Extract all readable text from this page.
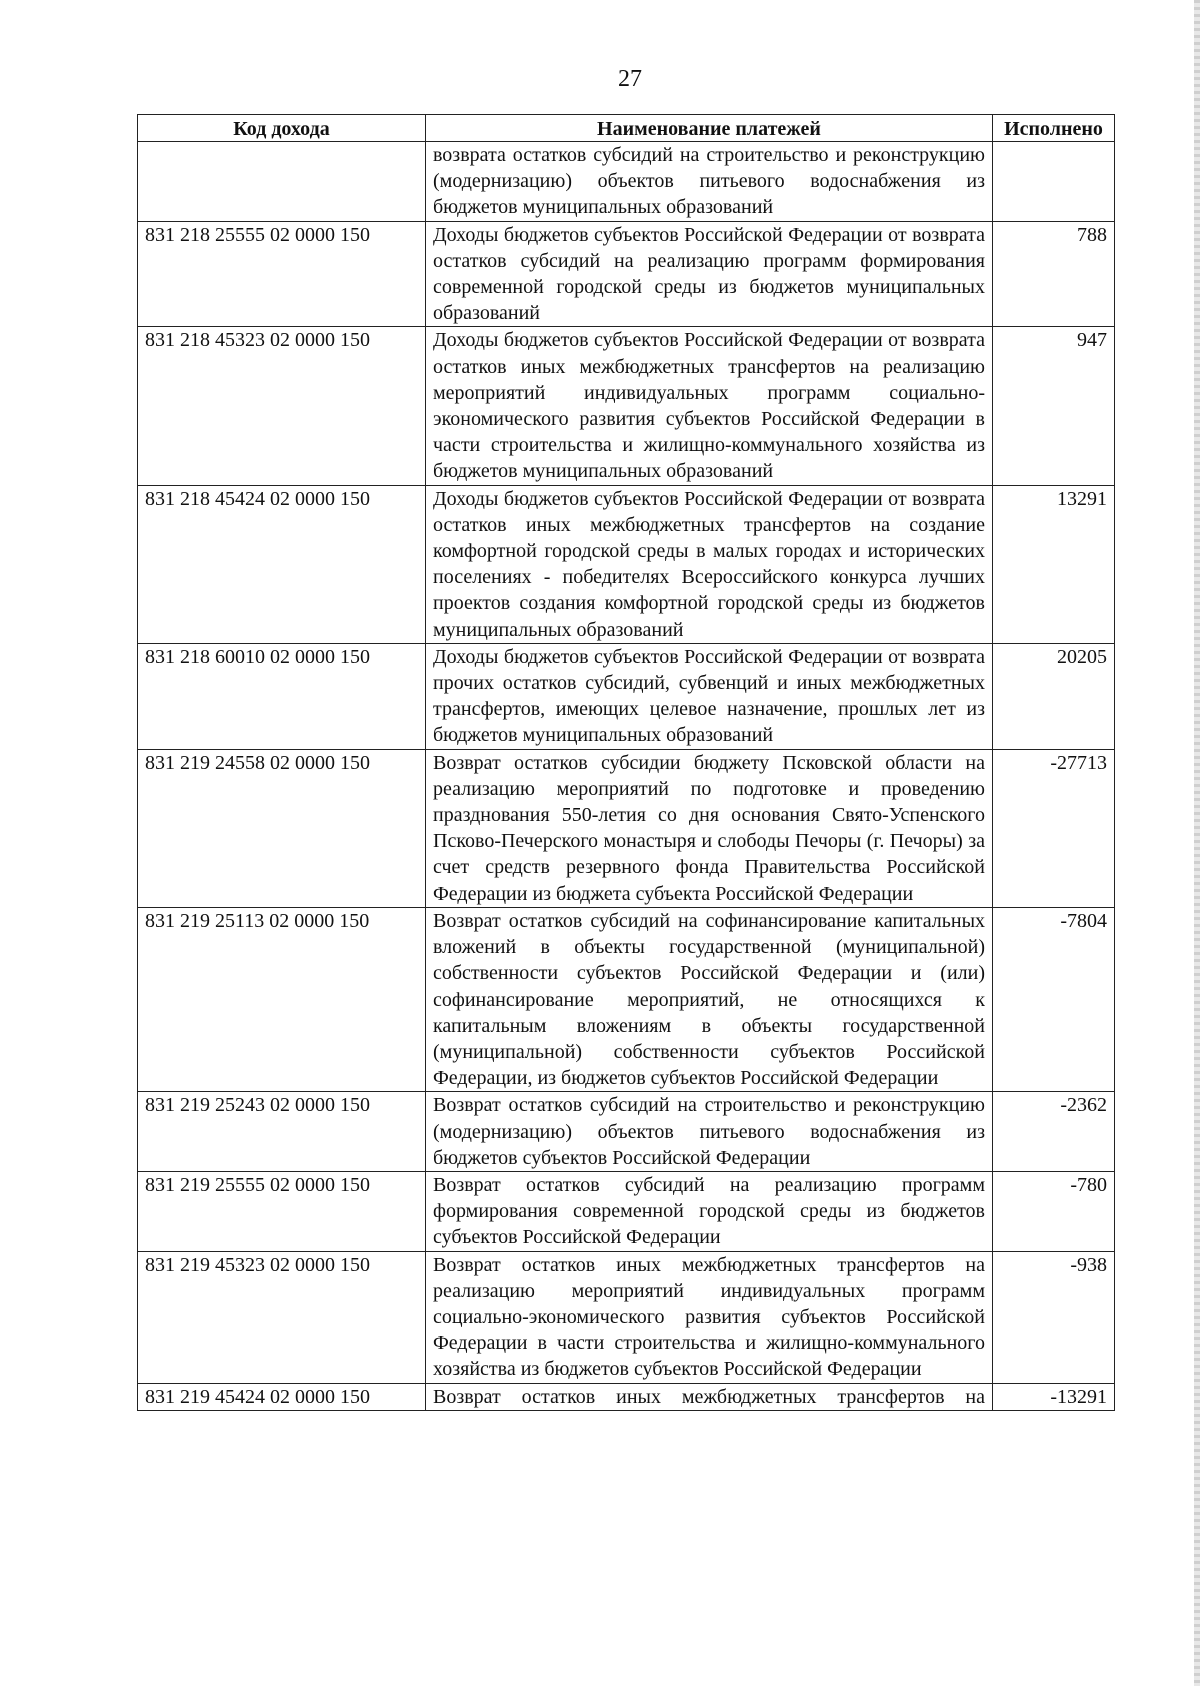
27
Код дохода	Наименование платежей	Исполнено
	возврата остатков субсидий на строительство и реконструкцию (модернизацию) объектов питьевого водоснабжения из бюджетов муниципальных образований	
831 218 25555 02 0000 150	Доходы бюджетов субъектов Российской Федерации от возврата остатков субсидий на реализацию программ формирования современной городской среды из бюджетов муниципальных образований	788
831 218 45323 02 0000 150	Доходы бюджетов субъектов Российской Федерации от возврата остатков иных межбюджетных трансфертов на реализацию мероприятий индивидуальных программ социально-экономического развития субъектов Российской Федерации в части строительства и жилищно-коммунального хозяйства из бюджетов муниципальных образований	947
831 218 45424 02 0000 150	Доходы бюджетов субъектов Российской Федерации от возврата остатков иных межбюджетных трансфертов на создание комфортной городской среды в малых городах и исторических поселениях - победителях Всероссийского конкурса лучших проектов создания комфортной городской среды из бюджетов муниципальных образований	13291
831 218 60010 02 0000 150	Доходы бюджетов субъектов Российской Федерации от возврата прочих остатков субсидий, субвенций и иных межбюджетных трансфертов, имеющих целевое назначение, прошлых лет из бюджетов муниципальных образований	20205
831 219 24558 02 0000 150	Возврат остатков субсидии бюджету Псковской области на реализацию мероприятий по подготовке и проведению празднования 550-летия со дня основания Свято-Успенского Псково-Печерского монастыря и слободы Печоры (г. Печоры) за счет средств резервного фонда Правительства Российской Федерации из бюджета субъекта Российской Федерации	-27713
831 219 25113 02 0000 150	Возврат остатков субсидий на софинансирование капитальных вложений в объекты государственной (муниципальной) собственности субъектов Российской Федерации и (или) софинансирование мероприятий, не относящихся к капитальным вложениям в объекты государственной (муниципальной) собственности субъектов Российской Федерации, из бюджетов субъектов Российской Федерации	-7804
831 219 25243 02 0000 150	Возврат остатков субсидий на строительство и реконструкцию (модернизацию) объектов питьевого водоснабжения из бюджетов субъектов Российской Федерации	-2362
831 219 25555 02 0000 150	Возврат остатков субсидий на реализацию программ формирования современной городской среды из бюджетов субъектов Российской Федерации	-780
831 219 45323 02 0000 150	Возврат остатков иных межбюджетных трансфертов на реализацию мероприятий индивидуальных программ социально-экономического развития субъектов Российской Федерации в части строительства и жилищно-коммунального хозяйства из бюджетов субъектов Российской Федерации	-938
831 219 45424 02 0000 150	Возврат остатков иных межбюджетных трансфертов на	-13291
